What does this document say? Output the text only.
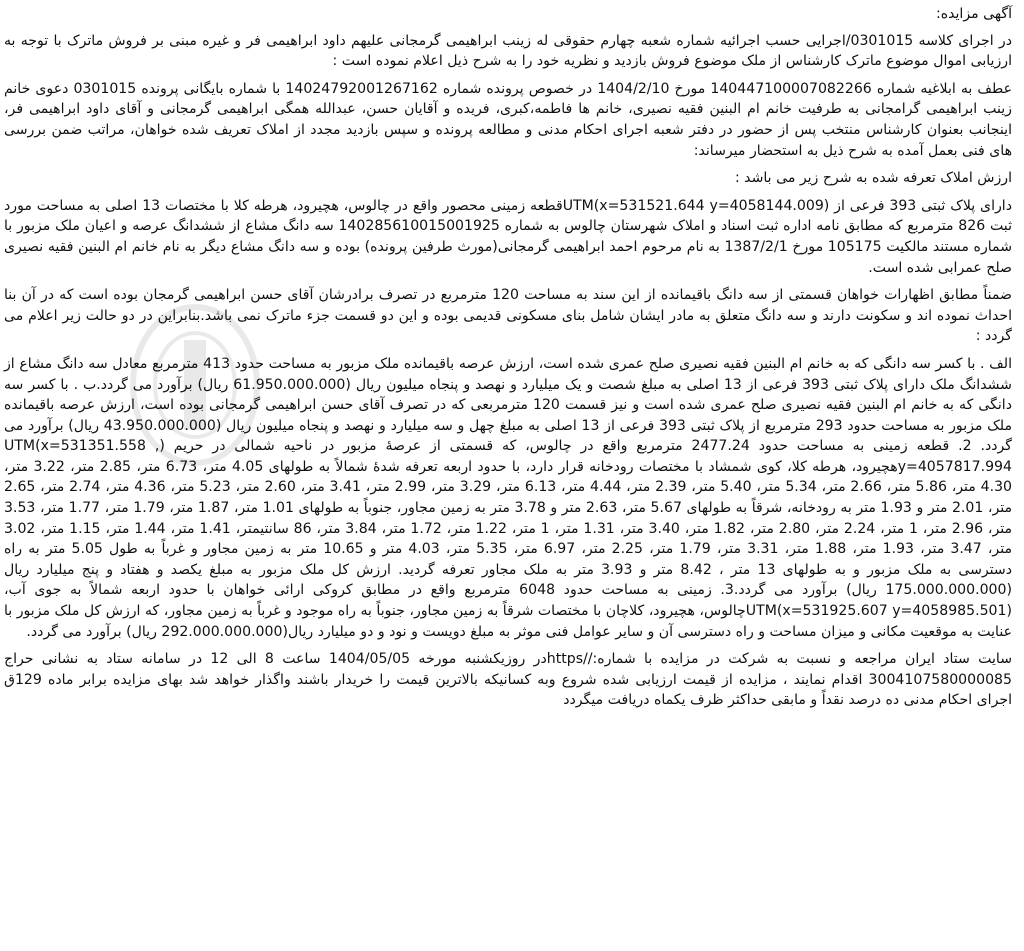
آگهی مزایده:

در اجرای کلاسه 0301015/اجرایی حسب اجرائیه شماره شعبه چهارم حقوقی له زینب ابراهیمی گرمجانی علیهم داود ابراهیمی فر و غیره مبنی بر فروش ماترک با توجه به ارزیابی اموال موضوع ماترک کارشناس از ملک موضوع فروش بازدید و نظریه خود را به شرح ذیل اعلام نموده است :

عطف به ابلاغیه شماره 140447100007082266 مورخ 1404/2/10 در خصوص پرونده شماره 14024792001267162 با شماره بایگانی پرونده 0301015 دعوی خانم زینب ابراهیمی گرامجانی به طرفیت خانم ام البنین فقیه نصیری، خانم ها فاطمه،کبری، فریده و آقایان حسن، عبدالله همگی ابراهیمی گرمجانی و آقای داود ابراهیمی فر، اینجانب بعنوان کارشناس منتخب پس از حضور در دفتر شعبه اجرای احکام مدنی و مطالعه پرونده و سپس بازدید مجدد از املاک تعریف شده خواهان، مراتب ضمن بررسی های فنی بعمل آمده به شرح ذیل به استحضار میرساند:

ارزش املاک تعرفه شده به شرح زیر می باشد :

دارای پلاک ثبتی 393 فرعی از UTM(x=531521.644 y=4058144.009)قطعه زمینی محصور واقع در چالوس، هچیرود، هرطه کلا با مختصات 13 اصلی به مساحت مورد ثبت 826 مترمربع که مطابق نامه اداره ثبت اسناد و املاک شهرستان چالوس به شماره 140285610015001925 سه دانگ مشاع از ششدانگ عرصه و اعیان ملک مزبور با شماره مستند مالکیت 105175 مورخ 1387/2/1 به نام مرحوم احمد ابراهیمی گرمجانی(مورث طرفین پرونده) بوده و سه دانگ مشاع دیگر به نام خانم ام البنین فقیه نصیری صلح عمرابی شده است.

ضمناً مطابق اظهارات خواهان قسمتی از سه دانگ باقیمانده از این سند به مساحت 120 مترمربع در تصرف برادرشان آقای حسن ابراهیمی گرمجان بوده است که در آن بنا احداث نموده اند و سکونت دارند و سه دانگ متعلق به مادر ایشان شامل بنای مسکونی قدیمی بوده و این دو قسمت جزء ماترک نمی باشد.بنابراین در دو حالت زیر اعلام می گردد :

الف . با کسر سه دانگی که به خانم ام البنین فقیه نصیری صلح عمری شده است، ارزش عرصه باقیمانده ملک مزبور به مساحت حدود 413 مترمربع معادل سه دانگ مشاع از ششدانگ ملک دارای پلاک ثبتی 393 فرعی از 13 اصلی به مبلغ شصت و یک میلیارد و نهصد و پنجاه میلیون ریال (61.950.000.000 ریال) برآورد می گردد.ب . با کسر سه دانگی که به خانم ام البنین فقیه نصیری صلح عمری شده است و نیز قسمت 120 مترمربعی که در تصرف آقای حسن ابراهیمی گرمجانی بوده است، ارزش عرصه باقیمانده ملک مزبور به مساحت حدود 293 مترمربع از پلاک ثبتی 393 فرعی از 13 اصلی به مبلغ چهل و سه میلیارد و نهصد و پنجاه میلیون ریال (43.950.000.000 ریال) برآورد می گردد. 2. قطعه زمینی به مساحت حدود 2477.24 مترمربع واقع در چالوس، که قسمتی از عرصهٔ مزبور در ناحیه شمالی در حریم (UTM(x=531351.558 , y=4057817.994هچیرود، هرطه کلا، کوی شمشاد با مختصات رودخانه قرار دارد، با حدود اربعه تعرفه شدهٔ شمالاً به طولهای 4.05 متر، 6.73 متر، 2.85 متر، 3.22 متر، 4.30 متر، 5.86 متر، 2.66 متر، 5.34 متر، 5.40 متر، 2.39 متر، 4.44 متر، 6.13 متر، 3.29 متر، 2.99 متر، 3.41 متر، 2.60 متر، 5.23 متر، 4.36 متر، 2.74 متر، 2.65 متر، 2.01 متر و 1.93 متر به رودخانه، شرقاً به طولهای 5.67 متر، 2.63 متر و 3.78 متر به زمین مجاور، جنوباً به طولهای 1.01 متر، 1.87 متر، 1.79 متر، 1.77 متر، 3.53 متر، 2.96 متر، 1 متر، 2.24 متر، 2.80 متر، 1.82 متر، 3.40 متر، 1.31 متر، 1 متر، 1.22 متر، 1.72 متر، 3.84 متر، 86 سانتیمتر، 1.41 متر، 1.44 متر، 1.15 متر، 3.02 متر، 3.47 متر، 1.93 متر، 1.88 متر، 3.31 متر، 1.79 متر، 2.25 متر، 6.97 متر، 5.35 متر، 4.03 متر و 10.65 متر به زمین مجاور و غرباً به طول 5.05 متر به راه دسترسی به ملک مزبور و به طولهای 13 متر ، 8.42 متر و 3.93 متر به ملک مجاور تعرفه گردید. ارزش کل ملک مزبور به مبلغ یکصد و هفتاد و پنج میلیارد ریال (175.000.000.000 ریال) برآورد می گردد.3. زمینی به مساحت حدود 6048 مترمربع واقع در مطابق کروکی ارائی خواهان با حدود اربعه شمالاً به جوی آب، (UTM(x=531925.607 y=4058985.501چالوس، هچیرود، کلاچان با مختصات شرقاً به زمین مجاور، جنوباً به راه موجود و غرباً به زمین مجاور، که ارزش کل ملک مزبور با عنایت به موقعیت مکانی و میزان مساحت و راه دسترسی آن و سایر عوامل فنی موثر به مبلغ دویست و نود و دو میلیارد ریال(292.000.000.000 ریال) برآورد می گردد.

سایت ستاد ایران مراجعه و نسبت به شرکت در مزایده با شماره://httpsدر روزیکشنبه مورخه 1404/05/05 ساعت 8 الی 12 در سامانه ستاد به نشانی حراج 3004107580000085 اقدام نمایند ، مزایده از قیمت ارزیابی شده شروع وبه کسانیکه بالاترین قیمت را خریدار باشند واگذار خواهد شد بهای مزایده برابر ماده 129ق اجرای احکام مدنی ده درصد نقداً و مابقی حداکثر ظرف یکماه دریافت میگردد
